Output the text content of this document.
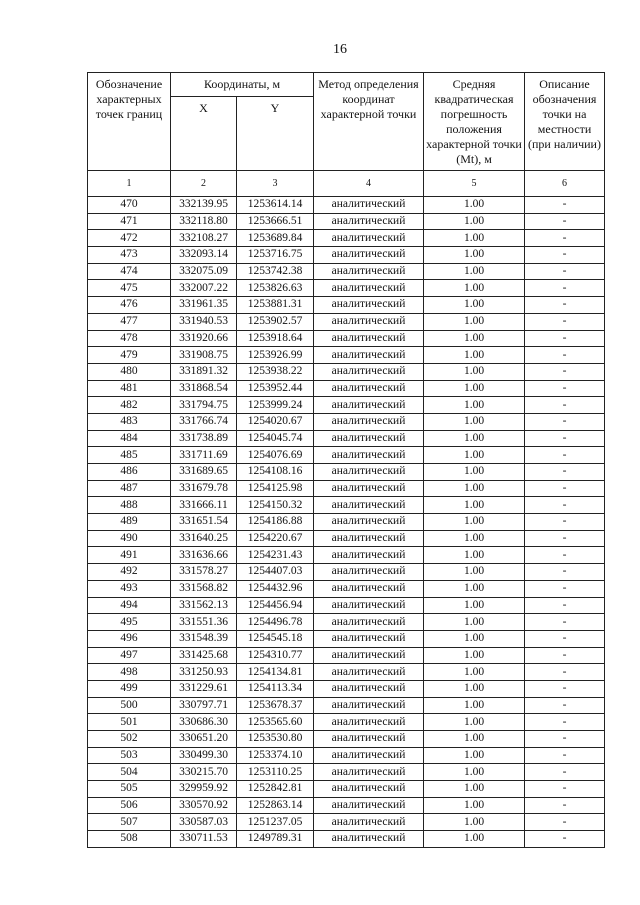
16
Обозначение характерных точек границ	Координаты, м		Метод определения координат характерной точки	Средняя квадратическая погрешность положения характерной точки (Mt), м	Описание обозначения точки на местности (при наличии)
	X	Y			
1	2	3	4	5	6
470	332139.95	1253614.14	аналитический	1.00	-
471	332118.80	1253666.51	аналитический	1.00	-
472	332108.27	1253689.84	аналитический	1.00	-
473	332093.14	1253716.75	аналитический	1.00	-
474	332075.09	1253742.38	аналитический	1.00	-
475	332007.22	1253826.63	аналитический	1.00	-
476	331961.35	1253881.31	аналитический	1.00	-
477	331940.53	1253902.57	аналитический	1.00	-
478	331920.66	1253918.64	аналитический	1.00	-
479	331908.75	1253926.99	аналитический	1.00	-
480	331891.32	1253938.22	аналитический	1.00	-
481	331868.54	1253952.44	аналитический	1.00	-
482	331794.75	1253999.24	аналитический	1.00	-
483	331766.74	1254020.67	аналитический	1.00	-
484	331738.89	1254045.74	аналитический	1.00	-
485	331711.69	1254076.69	аналитический	1.00	-
486	331689.65	1254108.16	аналитический	1.00	-
487	331679.78	1254125.98	аналитический	1.00	-
488	331666.11	1254150.32	аналитический	1.00	-
489	331651.54	1254186.88	аналитический	1.00	-
490	331640.25	1254220.67	аналитический	1.00	-
491	331636.66	1254231.43	аналитический	1.00	-
492	331578.27	1254407.03	аналитический	1.00	-
493	331568.82	1254432.96	аналитический	1.00	-
494	331562.13	1254456.94	аналитический	1.00	-
495	331551.36	1254496.78	аналитический	1.00	-
496	331548.39	1254545.18	аналитический	1.00	-
497	331425.68	1254310.77	аналитический	1.00	-
498	331250.93	1254134.81	аналитический	1.00	-
499	331229.61	1254113.34	аналитический	1.00	-
500	330797.71	1253678.37	аналитический	1.00	-
501	330686.30	1253565.60	аналитический	1.00	-
502	330651.20	1253530.80	аналитический	1.00	-
503	330499.30	1253374.10	аналитический	1.00	-
504	330215.70	1253110.25	аналитический	1.00	-
505	329959.92	1252842.81	аналитический	1.00	-
506	330570.92	1252863.14	аналитический	1.00	-
507	330587.03	1251237.05	аналитический	1.00	-
508	330711.53	1249789.31	аналитический	1.00	-
